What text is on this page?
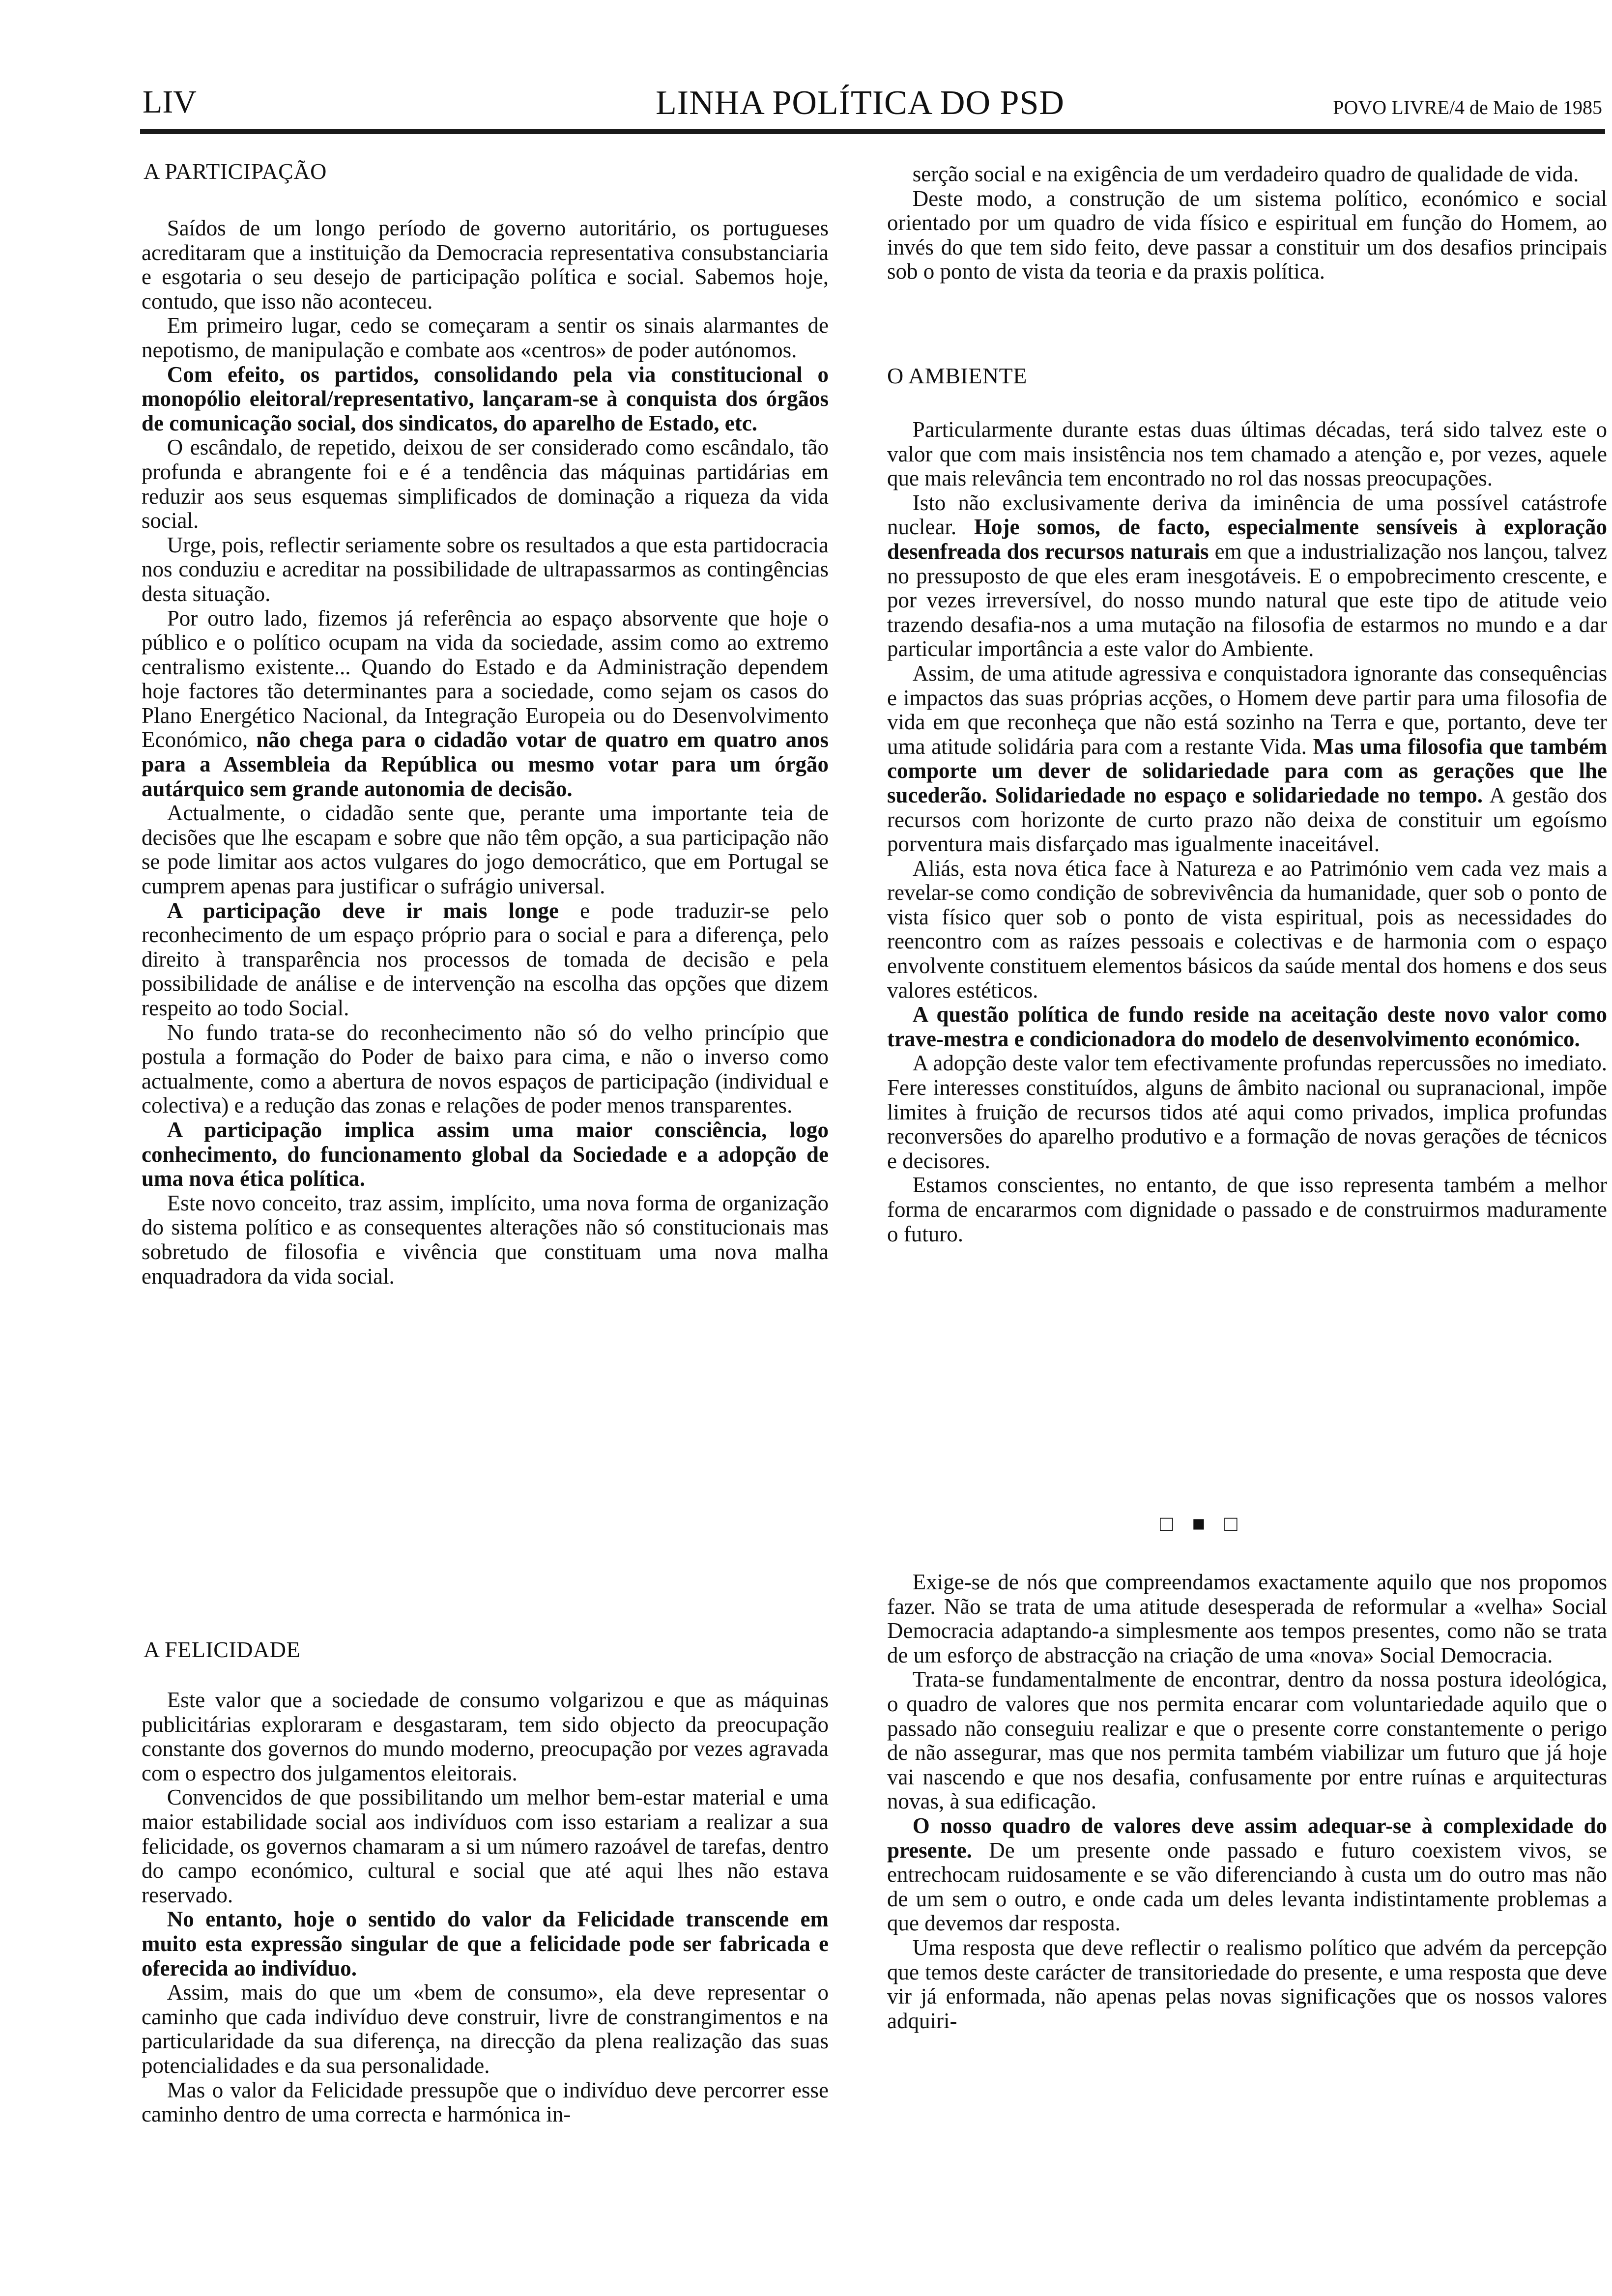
LIV	LINHA POLÍTICA DO PSD	POVO LIVRE/4 de Maio de 1985
A PARTICIPAÇÃO

Saídos de um longo período de governo autoritário, os portugueses acreditaram que a instituição da Democracia representativa consubstanciaria e esgotaria o seu desejo de participação política e social. Sabemos hoje, contudo, que isso não aconteceu.

Em primeiro lugar, cedo se começaram a sentir os sinais alarmantes de nepotismo, de manipulação e combate aos «centros» de poder autónomos.

Com efeito, os partidos, consolidando pela via constitucional o monopólio eleitoral/representativo, lançaram-se à conquista dos órgãos de comunicação social, dos sindicatos, do aparelho de Estado, etc.

O escândalo, de repetido, deixou de ser considerado como escândalo, tão profunda e abrangente foi e é a tendência das máquinas partidárias em reduzir aos seus esquemas simplificados de dominação a riqueza da vida social.

Urge, pois, reflectir seriamente sobre os resultados a que esta partidocracia nos conduziu e acreditar na possibilidade de ultrapassarmos as contingências desta situação.

Por outro lado, fizemos já referência ao espaço absorvente que hoje o público e o político ocupam na vida da sociedade, assim como ao extremo centralismo existente... Quando do Estado e da Administração dependem hoje factores tão determinantes para a sociedade, como sejam os casos do Plano Energético Nacional, da Integração Europeia ou do Desenvolvimento Económico, não chega para o cidadão votar de quatro em quatro anos para a Assembleia da República ou mesmo votar para um órgão autárquico sem grande autonomia de decisão.

Actualmente, o cidadão sente que, perante uma importante teia de decisões que lhe escapam e sobre que não têm opção, a sua participação não se pode limitar aos actos vulgares do jogo democrático, que em Portugal se cumprem apenas para justificar o sufrágio universal.

A participação deve ir mais longe e pode traduzir-se pelo reconhecimento de um espaço próprio para o social e para a diferença, pelo direito à transparência nos processos de tomada de decisão e pela possibilidade de análise e de intervenção na escolha das opções que dizem respeito ao todo Social.

No fundo trata-se do reconhecimento não só do velho princípio que postula a formação do Poder de baixo para cima, e não o inverso como actualmente, como a abertura de novos espaços de participação (individual e colectiva) e a redução das zonas e relações de poder menos transparentes.

A participação implica assim uma maior consciência, logo conhecimento, do funcionamento global da Sociedade e a adopção de uma nova ética política.

Este novo conceito, traz assim, implícito, uma nova forma de organização do sistema político e as consequentes alterações não só constitucionais mas sobretudo de filosofia e vivência que constituam uma nova malha enquadradora da vida social.

A FELICIDADE

Este valor que a sociedade de consumo volgarizou e que as máquinas publicitárias exploraram e desgastaram, tem sido objecto da preocupação constante dos governos do mundo moderno, preocupação por vezes agravada com o espectro dos julgamentos eleitorais.

Convencidos de que possibilitando um melhor bem-estar material e uma maior estabilidade social aos indivíduos com isso estariam a realizar a sua felicidade, os governos chamaram a si um número razoável de tarefas, dentro do campo económico, cultural e social que até aqui lhes não estava reservado.

No entanto, hoje o sentido do valor da Felicidade transcende em muito esta expressão singular de que a felicidade pode ser fabricada e oferecida ao indivíduo.

Assim, mais do que um «bem de consumo», ela deve representar o caminho que cada indivíduo deve construir, livre de constrangimentos e na particularidade da sua diferença, na direcção da plena realização das suas potencialidades e da sua personalidade.

Mas o valor da Felicidade pressupõe que o indivíduo deve percorrer esse caminho dentro de uma correcta e harmónica in-

serção social e na exigência de um verdadeiro quadro de qualidade de vida.

Deste modo, a construção de um sistema político, económico e social orientado por um quadro de vida físico e espiritual em função do Homem, ao invés do que tem sido feito, deve passar a constituir um dos desafios principais sob o ponto de vista da teoria e da praxis política.

O AMBIENTE

Particularmente durante estas duas últimas décadas, terá sido talvez este o valor que com mais insistência nos tem chamado a atenção e, por vezes, aquele que mais relevância tem encontrado no rol das nossas preocupações.

Isto não exclusivamente deriva da iminência de uma possível catástrofe nuclear. Hoje somos, de facto, especialmente sensíveis à exploração desenfreada dos recursos naturais em que a industrialização nos lançou, talvez no pressuposto de que eles eram inesgotáveis. E o empobrecimento crescente, e por vezes irreversível, do nosso mundo natural que este tipo de atitude veio trazendo desafia-nos a uma mutação na filosofia de estarmos no mundo e a dar particular importância a este valor do Ambiente.

Assim, de uma atitude agressiva e conquistadora ignorante das consequências e impactos das suas próprias acções, o Homem deve partir para uma filosofia de vida em que reconheça que não está sozinho na Terra e que, portanto, deve ter uma atitude solidária para com a restante Vida. Mas uma filosofia que também comporte um dever de solidariedade para com as gerações que lhe sucederão. Solidariedade no espaço e solidariedade no tempo. A gestão dos recursos com horizonte de curto prazo não deixa de constituir um egoísmo porventura mais disfarçado mas igualmente inaceitável.

Aliás, esta nova ética face à Natureza e ao Património vem cada vez mais a revelar-se como condição de sobrevivência da humanidade, quer sob o ponto de vista físico quer sob o ponto de vista espiritual, pois as necessidades do reencontro com as raízes pessoais e colectivas e de harmonia com o espaço envolvente constituem elementos básicos da saúde mental dos homens e dos seus valores estéticos.

A questão política de fundo reside na aceitação deste novo valor como trave-mestra e condicionadora do modelo de desenvolvimento económico.

A adopção deste valor tem efectivamente profundas repercussões no imediato. Fere interesses constituídos, alguns de âmbito nacional ou supranacional, impõe limites à fruição de recursos tidos até aqui como privados, implica profundas reconversões do aparelho produtivo e a formação de novas gerações de técnicos e decisores.

Estamos conscientes, no entanto, de que isso representa também a melhor forma de encararmos com dignidade o passado e de construirmos maduramente o futuro.

□ ■ □

Exige-se de nós que compreendamos exactamente aquilo que nos propomos fazer. Não se trata de uma atitude desesperada de reformular a «velha» Social Democracia adaptando-a simplesmente aos tempos presentes, como não se trata de um esforço de abstracção na criação de uma «nova» Social Democracia.

Trata-se fundamentalmente de encontrar, dentro da nossa postura ideológica, o quadro de valores que nos permita encarar com voluntariedade aquilo que o passado não conseguiu realizar e que o presente corre constantemente o perigo de não assegurar, mas que nos permita também viabilizar um futuro que já hoje vai nascendo e que nos desafia, confusamente por entre ruínas e arquitecturas novas, à sua edificação.

O nosso quadro de valores deve assim adequar-se à complexidade do presente. De um presente onde passado e futuro coexistem vivos, se entrechocam ruidosamente e se vão diferenciando à custa um do outro mas não de um sem o outro, e onde cada um deles levanta indistintamente problemas a que devemos dar resposta.

Uma resposta que deve reflectir o realismo político que advém da percepção que temos deste carácter de transitoriedade do presente, e uma resposta que deve vir já enformada, não apenas pelas novas significações que os nossos valores adquiri-
